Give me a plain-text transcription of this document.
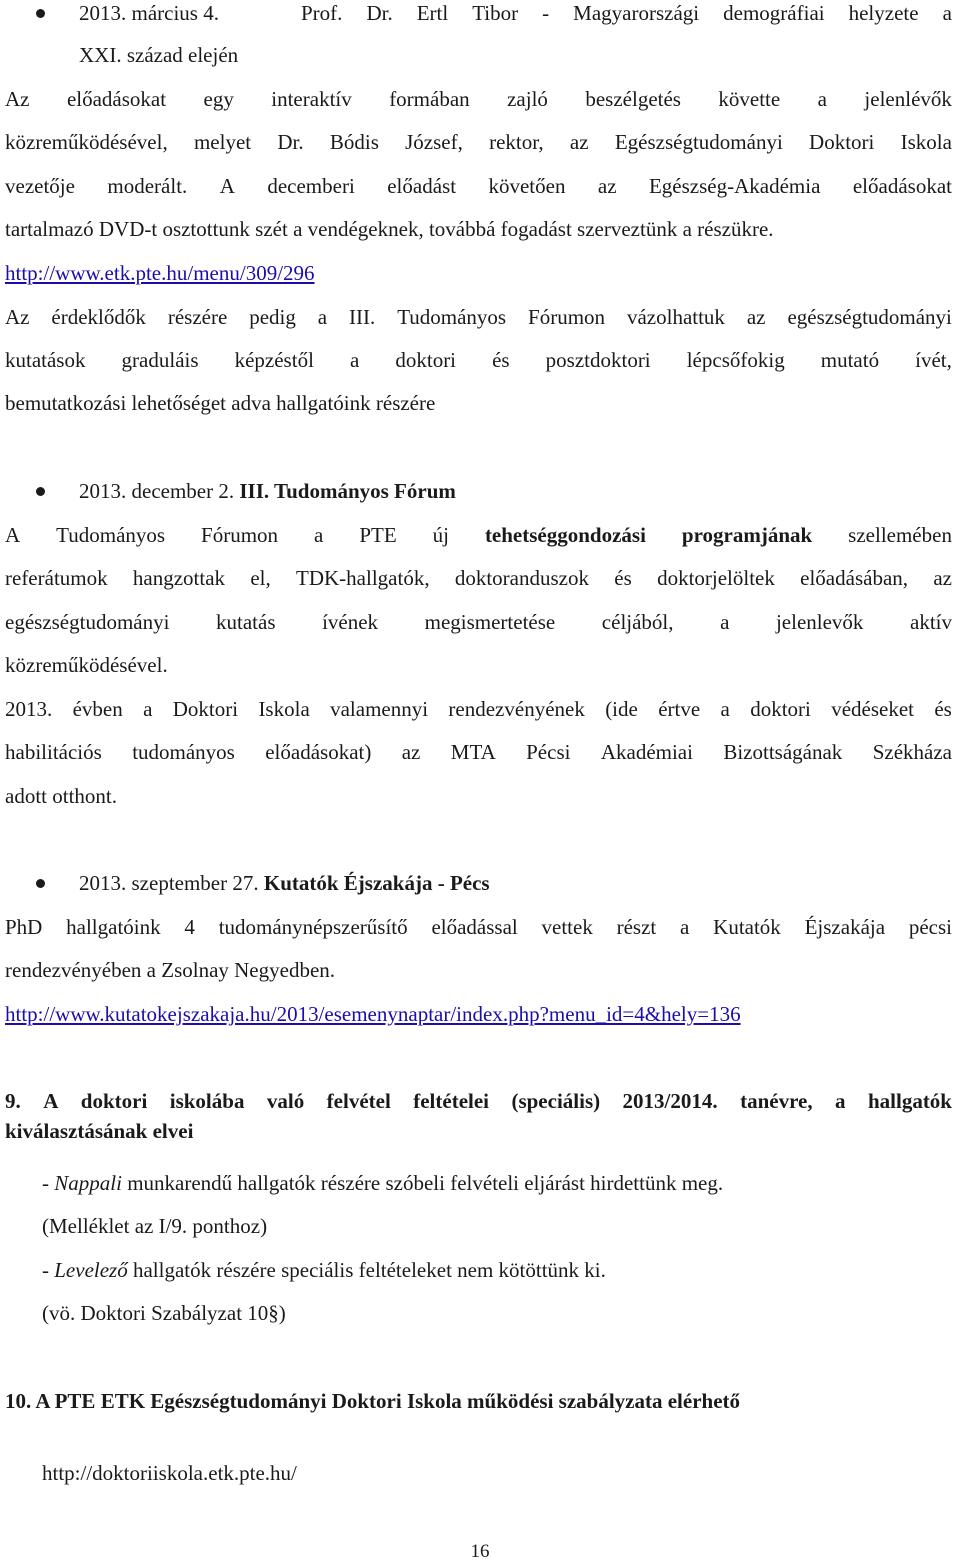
2013. március 4.	Prof. Dr. Ertl Tibor - Magyarországi demográfiai helyzete a
XXI. század elején
Az előadásokat egy interaktív formában zajló beszélgetés követte a jelenlévők
közreműködésével, melyet Dr. Bódis József, rektor, az Egészségtudományi Doktori Iskola
vezetője moderált. A decemberi előadást követően az Egészség-Akadémia előadásokat
tartalmazó DVD-t osztottunk szét a vendégeknek, továbbá fogadást szerveztünk a részükre.
http://www.etk.pte.hu/menu/309/296
Az érdeklődők részére pedig a III. Tudományos Fórumon vázolhattuk az egészségtudományi
kutatások graduláis képzéstől a doktori és posztdoktori lépcsőfokig mutató ívét,
bemutatkozási lehetőséget adva hallgatóink részére
2013. december 2. III. Tudományos Fórum
A Tudományos Fórumon a PTE új tehetséggondozási programjának szellemében
referátumok hangzottak el, TDK-hallgatók, doktoranduszok és doktorjelöltek előadásában, az
egészségtudományi kutatás ívének megismertetése céljából, a jelenlevők aktív
közreműködésével.
2013. évben a Doktori Iskola valamennyi rendezvényének (ide értve a doktori védéseket és
habilitációs tudományos előadásokat) az MTA Pécsi Akadémiai Bizottságának Székháza
adott otthont.
2013. szeptember 27. Kutatók Éjszakája - Pécs
PhD hallgatóink 4 tudománynépszerűsítő előadással vettek részt a Kutatók Éjszakája pécsi
rendezvényében a Zsolnay Negyedben.
http://www.kutatokejszakaja.hu/2013/esemenynaptar/index.php?menu_id=4&hely=136
9. A doktori iskolába való felvétel feltételei (speciális) 2013/2014. tanévre, a hallgatók
kiválasztásának elvei
- Nappali munkarendű hallgatók részére szóbeli felvételi eljárást hirdettünk meg.
(Melléklet az I/9. ponthoz)
- Levelező hallgatók részére speciális feltételeket nem kötöttünk ki.
(vö. Doktori Szabályzat 10§)
10. A PTE ETK Egészségtudományi Doktori Iskola működési szabályzata elérhető
http://doktoriiskola.etk.pte.hu/
16
